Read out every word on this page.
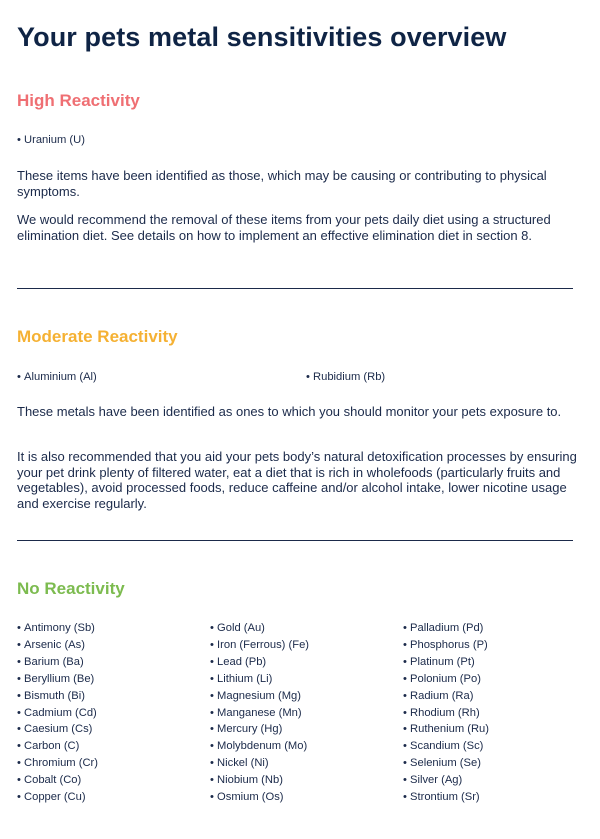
Your pets metal sensitivities overview
High Reactivity
• Uranium (U)

These items have been identified as those, which may be causing or contributing to physical symptoms.

We would recommend the removal of these items from your pets daily diet using a structured elimination diet. See details on how to implement an effective elimination diet in section 8.

Moderate Reactivity
• Aluminium (Al)
•	Rubidium (Rb)

These metals have been identified as ones to which you should monitor your pets exposure to.

It is also recommended that you aid your pets body’s natural detoxification processes by ensuring your pet drink plenty of filtered water, eat a diet that is rich in wholefoods (particularly fruits and vegetables), avoid processed foods, reduce caffeine and/or alcohol intake, lower nicotine usage and exercise regularly.

No Reactivity
• Antimony (Sb)
• Arsenic (As)
• Barium (Ba)
• Beryllium (Be)
• Bismuth (Bi)
• Cadmium (Cd)
• Caesium (Cs)
• Carbon (C)
• Chromium (Cr)
• Cobalt (Co)
• Copper (Cu)
• Gold (Au)
• Iron (Ferrous) (Fe)
• Lead (Pb)
• Lithium (Li)
• Magnesium (Mg)
• Manganese (Mn)
• Mercury (Hg)
• Molybdenum (Mo)
• Nickel (Ni)
• Niobium (Nb)
• Osmium (Os)
• Palladium (Pd)
• Phosphorus (P)
• Platinum (Pt)
• Polonium (Po)
• Radium (Ra)
• Rhodium (Rh)
• Ruthenium (Ru)
• Scandium (Sc)
• Selenium (Se)
• Silver (Ag)
• Strontium (Sr)
